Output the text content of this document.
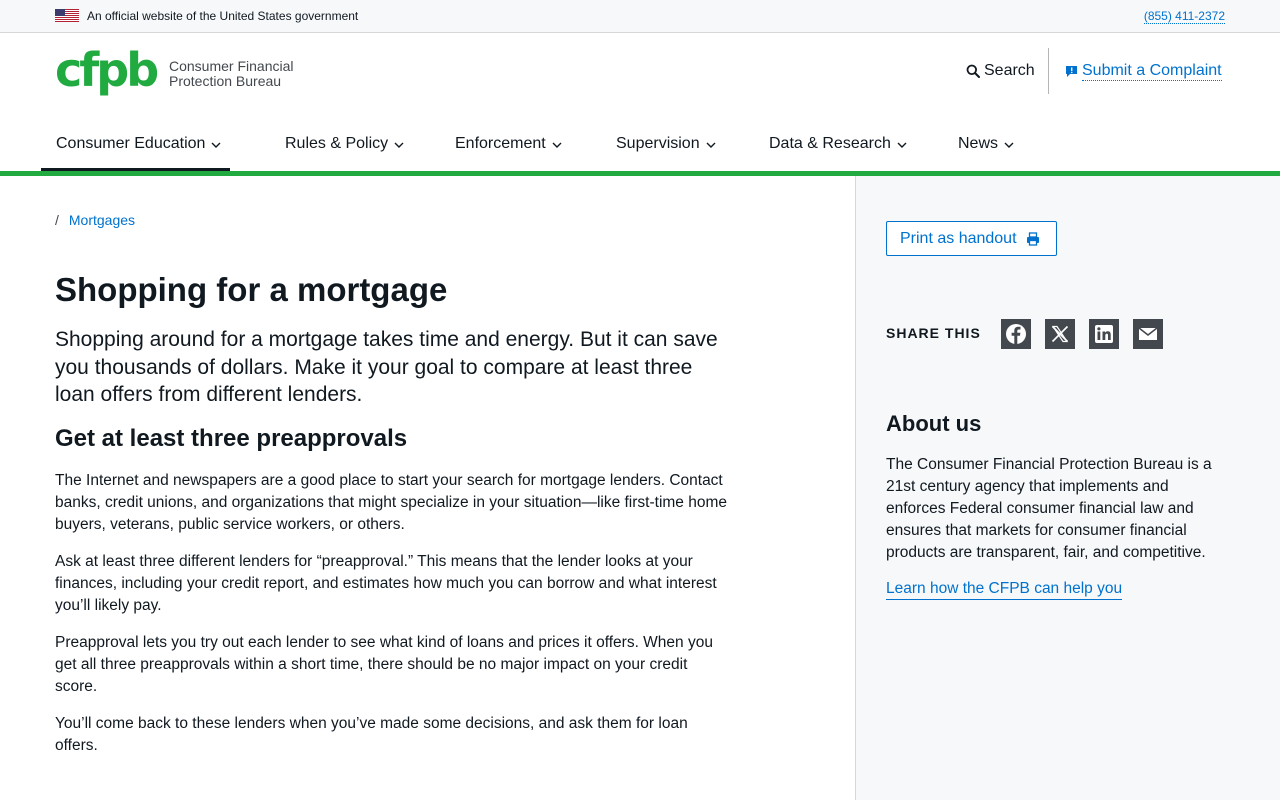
An official website of the United States government	(855) 411-2372
cfpb Consumer Financial
Protection Bureau
Search	Submit a Complaint
Consumer Education	Rules & Policy	Enforcement	Supervision	Data & Research	News
/ Mortgages
Shopping for a mortgage

Shopping around for a mortgage takes time and energy. But it can save you thousands of dollars. Make it your goal to compare at least three loan offers from different lenders.

Get at least three preapprovals

The Internet and newspapers are a good place to start your search for mortgage lenders. Contact banks, credit unions, and organizations that might specialize in your situation—like first-time home buyers, veterans, public service workers, or others.

Ask at least three different lenders for “preapproval.” This means that the lender looks at your finances, including your credit report, and estimates how much you can borrow and what interest you’ll likely pay.

Preapproval lets you try out each lender to see what kind of loans and prices it offers. When you get all three preapprovals within a short time, there should be no major impact on your credit score.

You’ll come back to these lenders when you’ve made some decisions, and ask them for loan offers.

Print as handout
SHARE THIS
About us

The Consumer Financial Protection Bureau is a 21st century agency that implements and enforces Federal consumer financial law and ensures that markets for consumer financial products are transparent, fair, and competitive.

Learn how the CFPB can help you
